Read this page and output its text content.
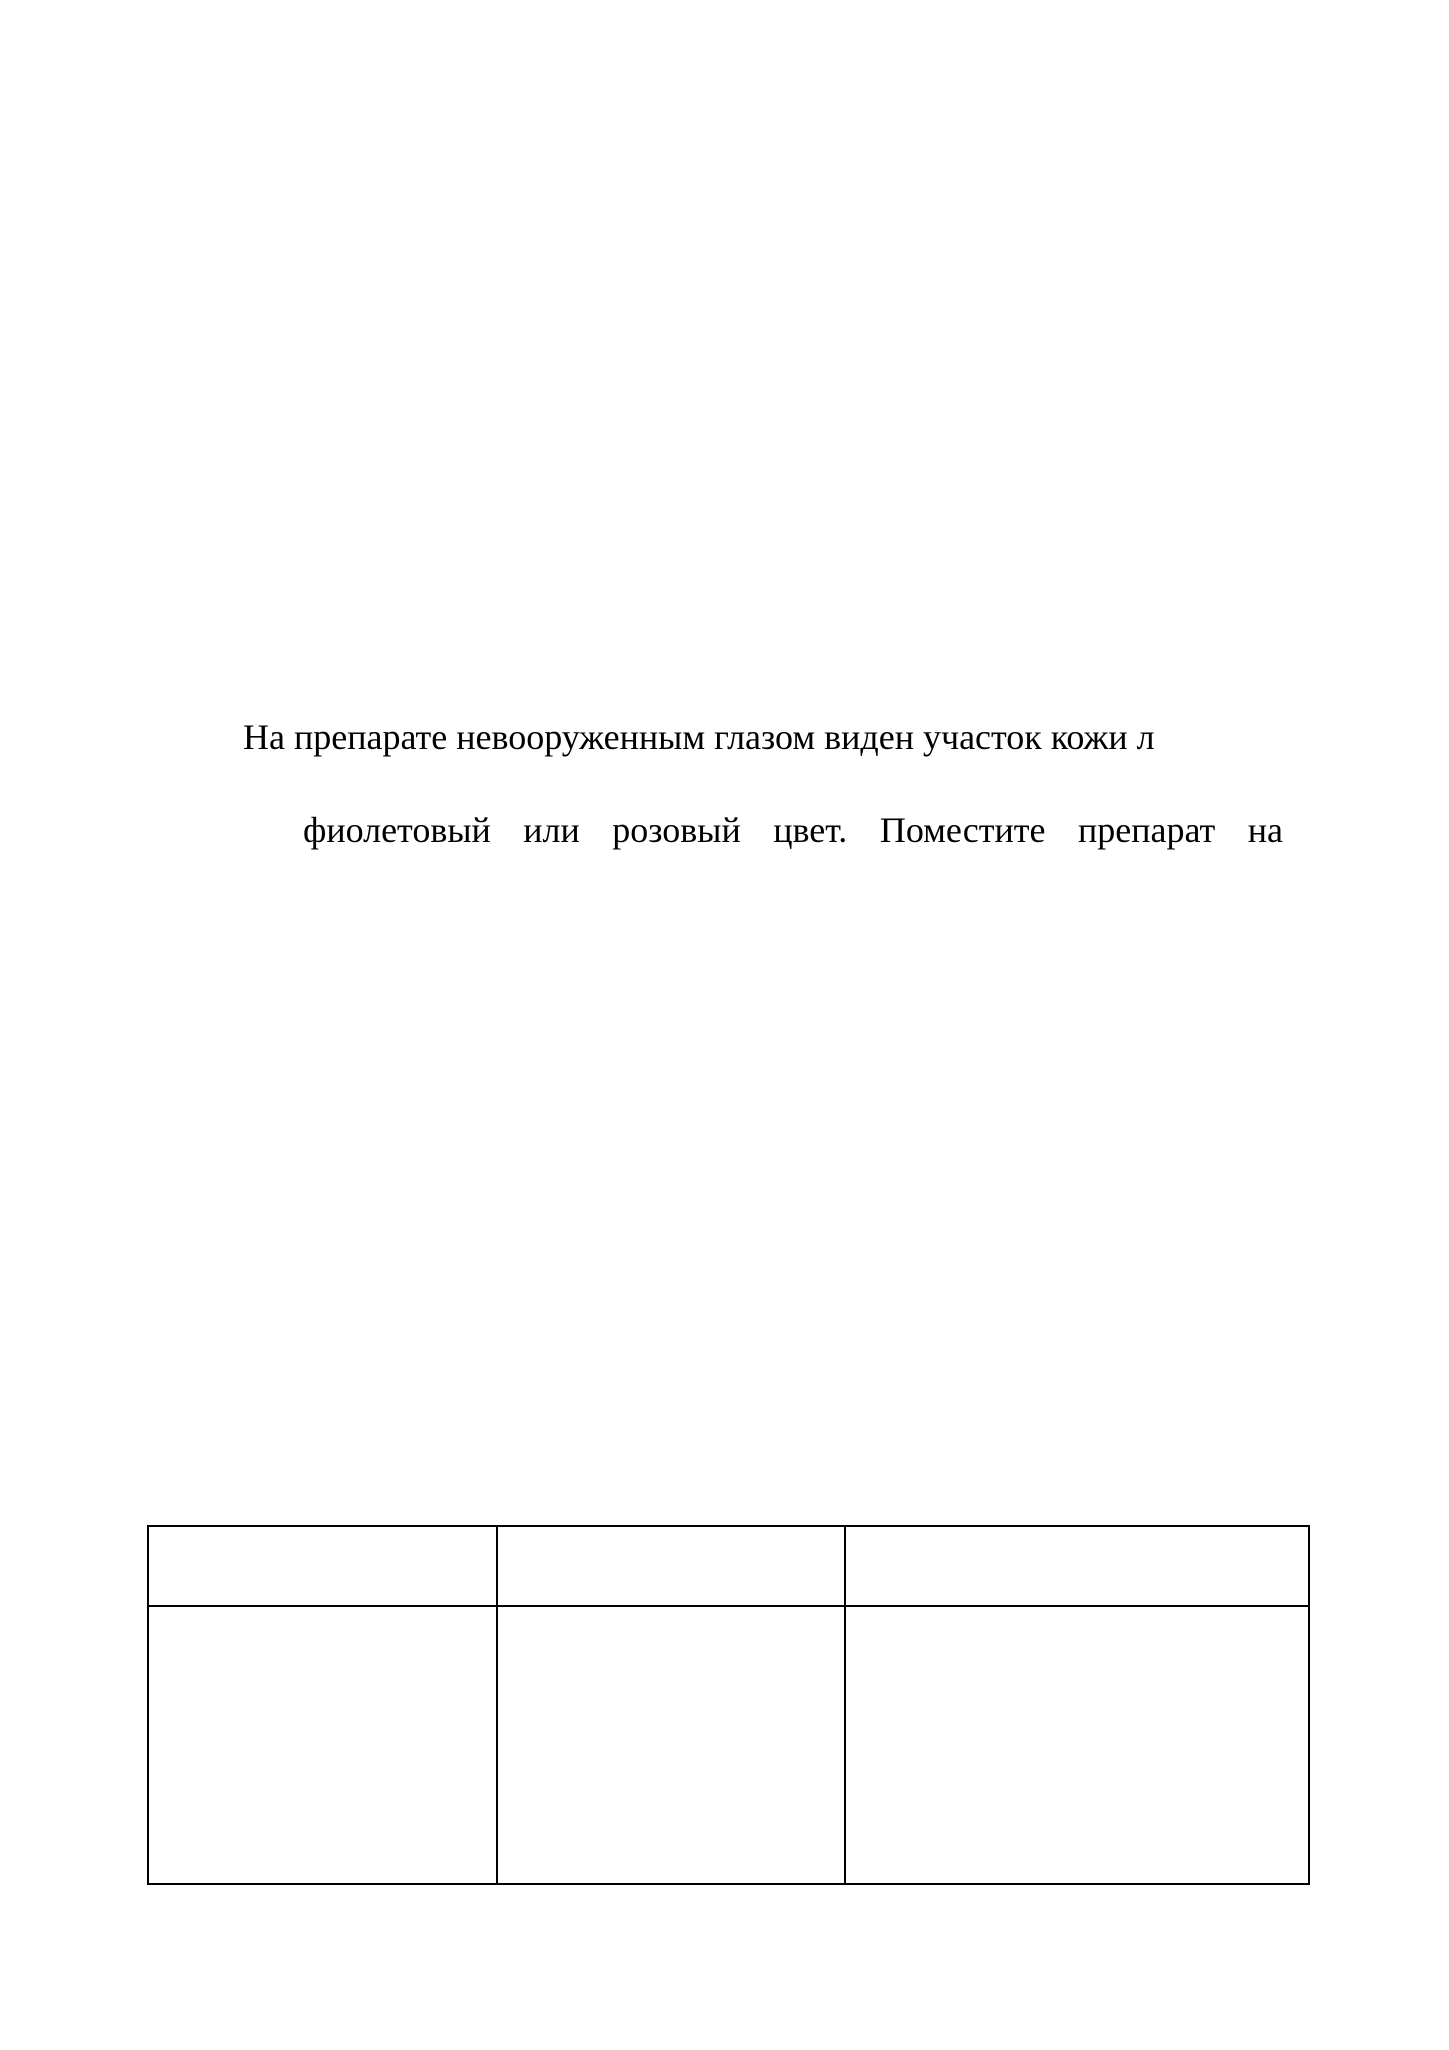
На препарате невооруженным глазом виден участок кожи л
фиолетовый или розовый цвет. Поместите препарат на
